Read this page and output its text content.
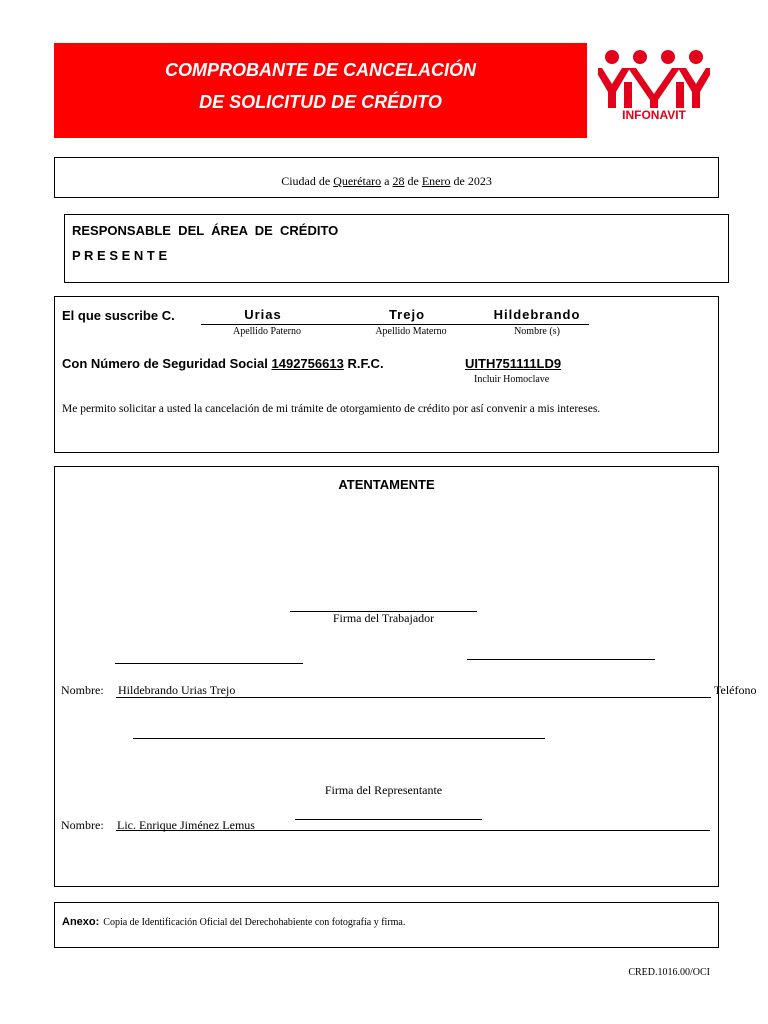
COMPROBANTE DE CANCELACIÓN
DE SOLICITUD DE CRÉDITO
INFONAVIT
Ciudad de Querétaro a 28 de Enero de 2023
RESPONSABLE  DEL  ÁREA  DE  CRÉDITO
P R E S E N T E
El que suscribe C.	Urias	Trejo	Hildebrando
Apellido Paterno	Apellido Materno	Nombre (s)
Con Número de Seguridad Social 1492756613 R.F.C.	UITH751111LD9
Incluir Homoclave
Me permito solicitar a usted la cancelación de mi trámite de otorgamiento de crédito por así convenir a mis intereses.
ATENTAMENTE
Firma del Trabajador
Nombre: Hildebrando Urias Trejo	Teléfono
Firma del Representante
Nombre: Lic. Enrique Jiménez Lemus
Anexo: Copia de Identificación Oficial del Derechohabiente con fotografía y firma.
CRED.1016.00/OCI
